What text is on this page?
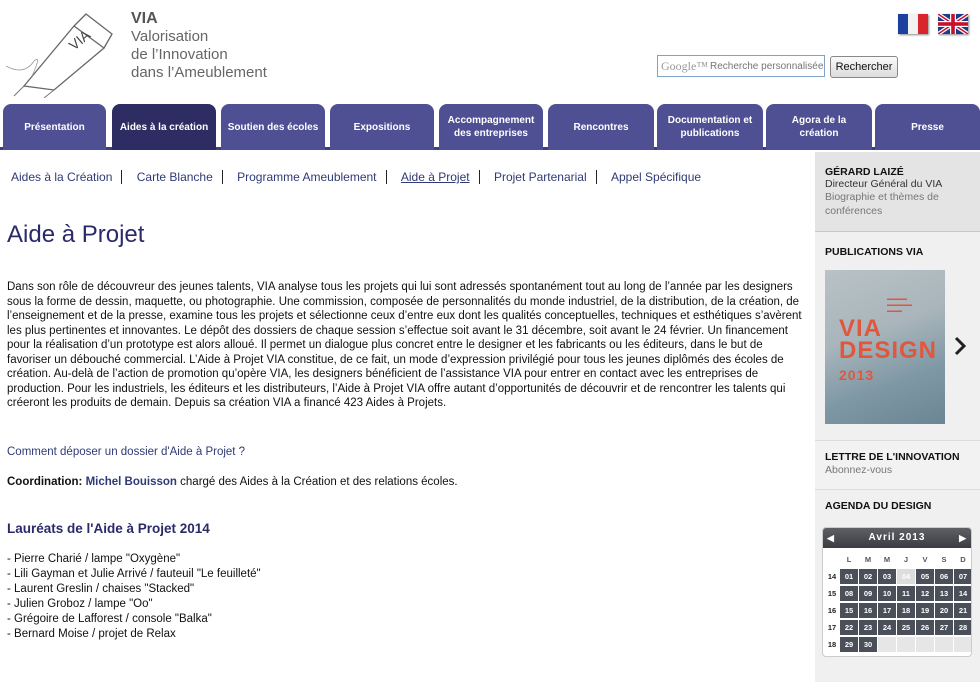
VIA
VIA
Valorisation
de l’Innovation
dans l’Ameublement
Recherche personnalisée	Google™	Rechercher
Présentation	Aides à la création	Soutien des écoles	Expositions
Accompagnement des entreprises
Rencontres
Documentation et publications
Agora de la création
Presse
Aides à la Création Carte Blanche Programme Ameublement Aide à Projet Projet Partenarial Appel Spécifique
Aide à Projet

Dans son rôle de découvreur des jeunes talents, VIA analyse tous les projets qui lui sont adressés spontanément tout au long de l’année par les designers sous la forme de dessin, maquette, ou photographie. Une commission, composée de personnalités du monde industriel, de la distribution, de la création, de l’enseignement et de la presse, examine tous les projets et sélectionne ceux d’entre eux dont les qualités conceptuelles, techniques et esthétiques s’avèrent les plus pertinentes et innovantes. Le dépôt des dossiers de chaque session s’effectue soit avant le 31 décembre, soit avant le 24 février. Un financement pour la réalisation d’un prototype est alors alloué. Il permet un dialogue plus concret entre le designer et les fabricants ou les éditeurs, dans le but de favoriser un débouché commercial. L’Aide à Projet VIA constitue, de ce fait, un mode d’expression privilégié pour tous les jeunes diplômés des écoles de création. Au-delà de l’action de promotion qu’opère VIA, les designers bénéficient de l’assistance VIA pour entrer en contact avec les entreprises de production. Pour les industriels, les éditeurs et les distributeurs, l’Aide à Projet VIA offre autant d’opportunités de découvrir et de rencontrer les talents qui créeront les produits de demain. Depuis sa création VIA a financé 423 Aides à Projets.

Comment déposer un dossier d'Aide à Projet ?
Coordination: Michel Bouisson chargé des Aides à la Création et des relations écoles.
Lauréats de l'Aide à Projet 2014
- Pierre Charié / lampe "Oxygène"
- Lili Gayman et Julie Arrivé / fauteuil "Le feuilleté"
- Laurent Greslin / chaises "Stacked"
- Julien Groboz / lampe "Oo"
- Grégoire de Lafforest / console "Balka"
- Bernard Moise / projet de Relax
GÉRARD LAIZÉ
Directeur Général du VIA
Biographie et thèmes de conférences
PUBLICATIONS VIA
▬▬▬▬
▬▬▬▬▬
▬▬▬
VIA
DESIGN 2013
LETTRE DE L'INNOVATION
Abonnez-vous
AGENDA DU DESIGN
◀	Avril 2013	▶
L	M	M	J	V	S	D
14	01	02	03	04	05	06	07
15	08	09	10	11	12	13	14
16	15	16	17	18	19	20	21
17	22	23	24	25	26	27	28
18	29	30
